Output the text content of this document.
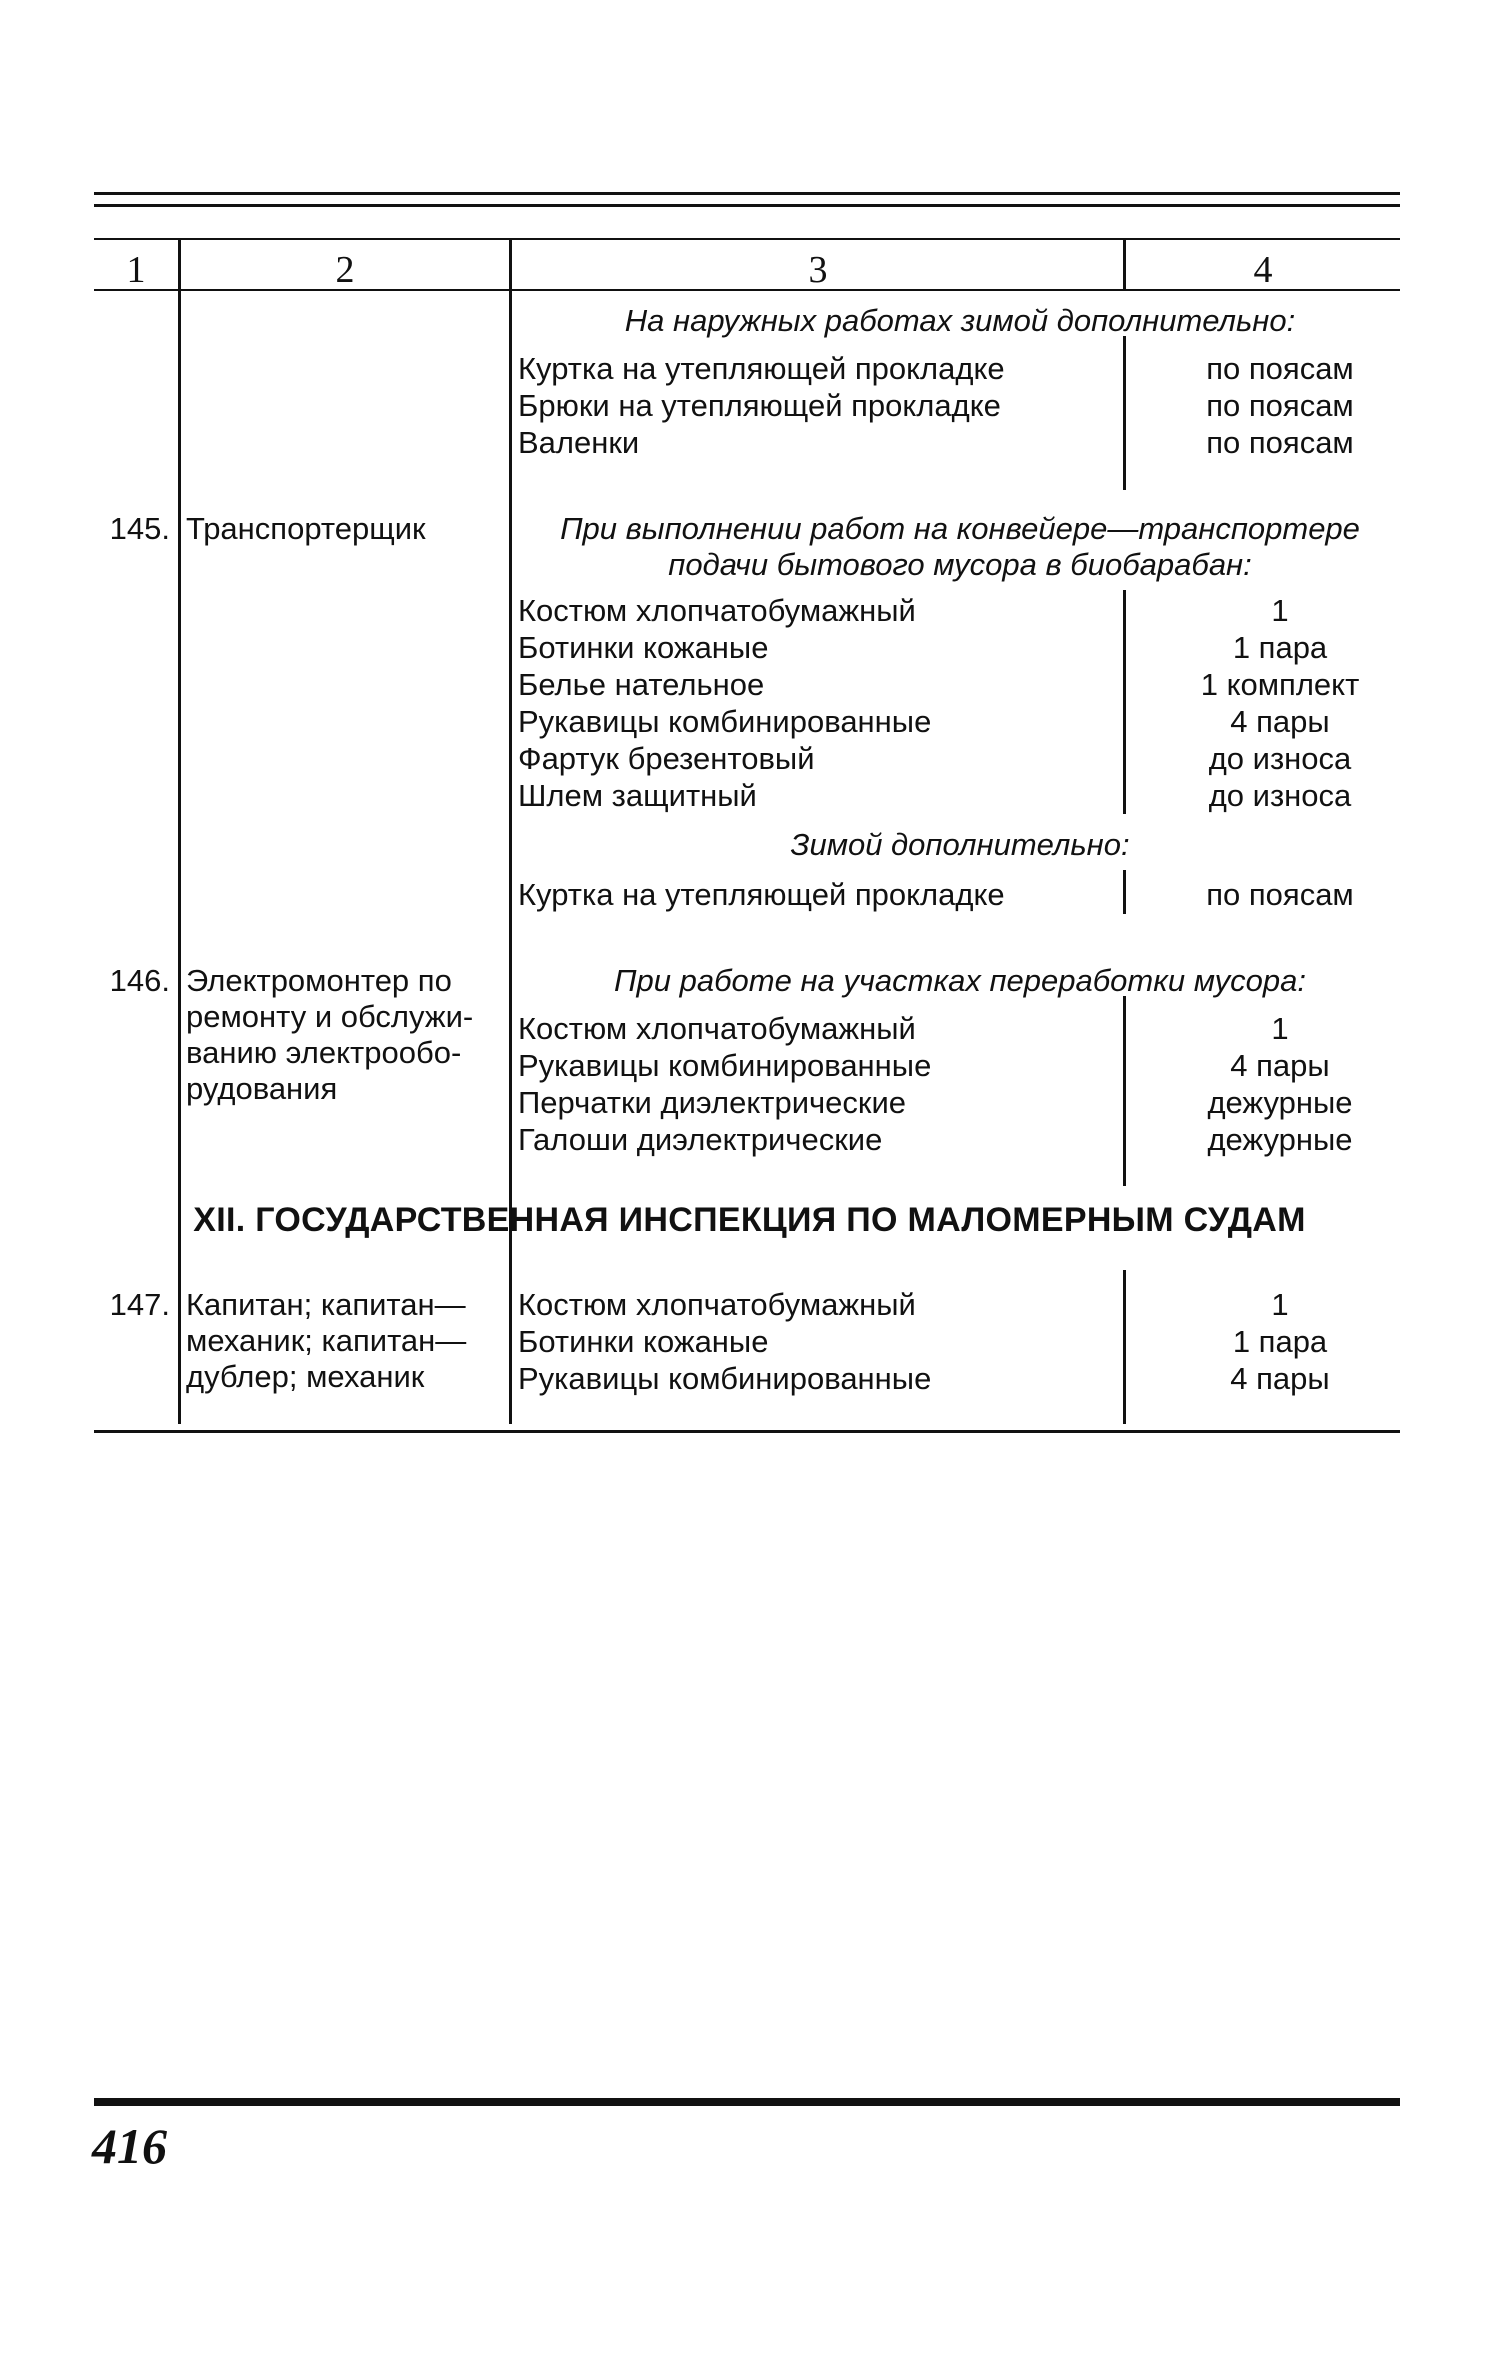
1	2	3	4
На наружных работах зимой дополнительно:
Куртка на утепляющей прокладке	по поясам
Брюки на утепляющей прокладке	по поясам
Валенки	по поясам
145. Транспортерщик	При выполнении работ на конвейере—транспортере
подачи бытового мусора в биобарабан:
Костюм хлопчатобумажный	1
Ботинки кожаные	1 пара
Белье нательное	1 комплект
Рукавицы комбинированные	4 пары
Фартук брезентовый	до износа
Шлем защитный	до износа
Зимой дополнительно:
Куртка на утепляющей прокладке	по поясам
146. Электромонтер по
ремонту и обслужи-
ванию электрообо-
рудования
При работе на участках переработки мусора:
Костюм хлопчатобумажный	1
Рукавицы комбинированные	4 пары
Перчатки диэлектрические	дежурные
Галоши диэлектрические	дежурные
XII. ГОСУДАРСТВЕННАЯ ИНСПЕКЦИЯ ПО МАЛОМЕРНЫМ СУДАМ
147. Капитан; капитан—
механик; капитан—
дублер; механик
Костюм хлопчатобумажный	1
Ботинки кожаные	1 пара
Рукавицы комбинированные	4 пары
416
